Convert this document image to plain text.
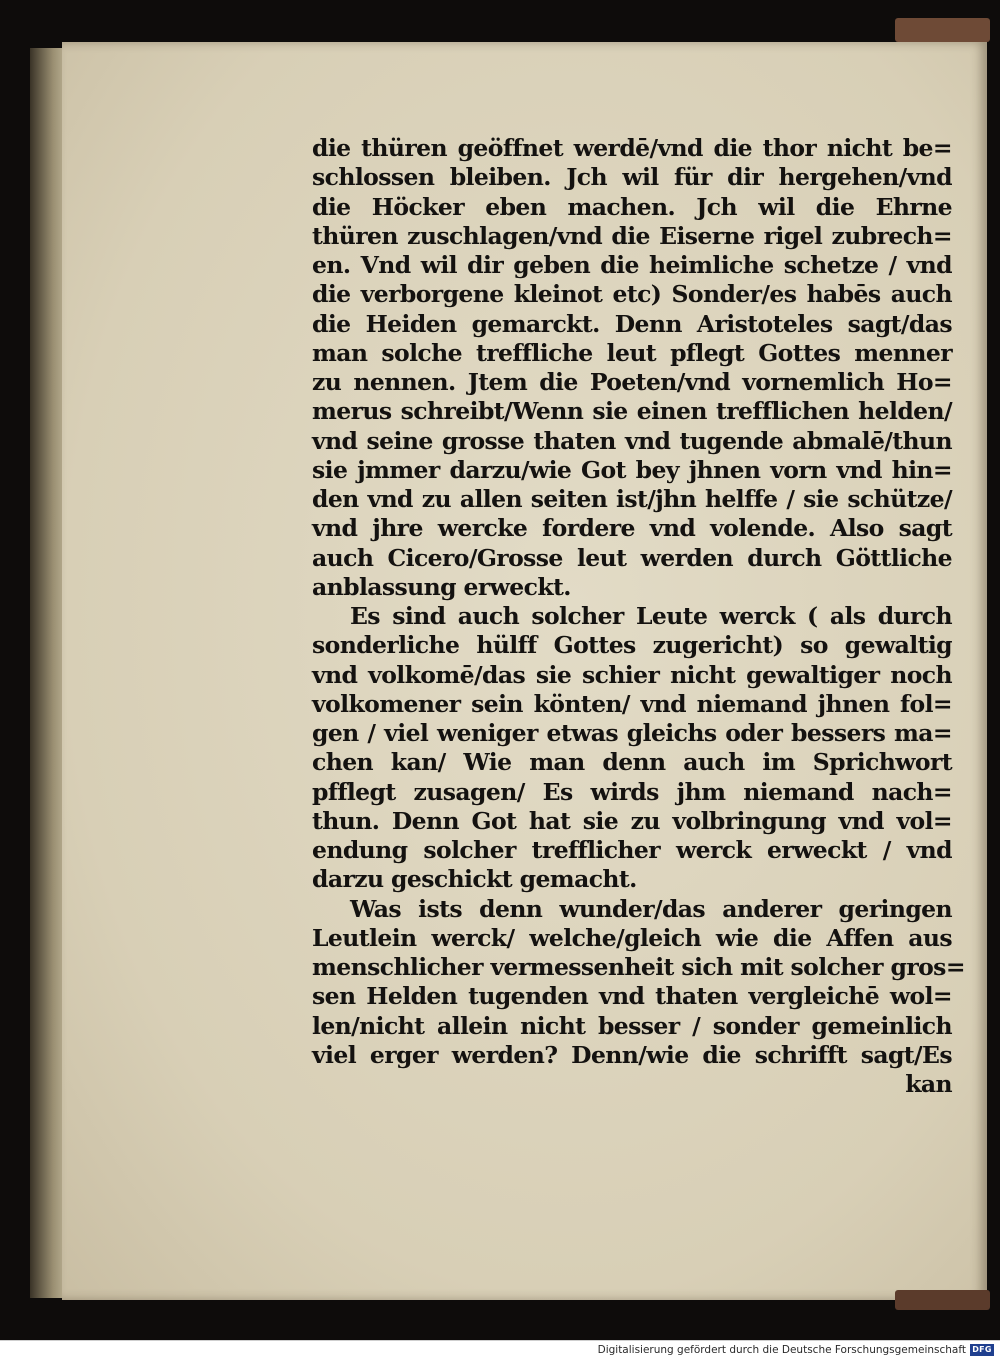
die thüren geöffnet werdē/vnd die thor nicht be=
schlossen bleiben. Jch wil für dir hergehen/vnd
die Höcker eben machen. Jch wil die Ehrne
thüren zuschlagen/vnd die Eiserne rigel zubrech=
en. Vnd wil dir geben die heimliche schetze / vnd
die verborgene kleinot etc) Sonder/es habēs auch
die Heiden gemarckt. Denn Aristoteles sagt/das
man solche treffliche leut pflegt Gottes menner
zu nennen. Jtem die Poeten/vnd vornemlich Ho=
merus schreibt/Wenn sie einen trefflichen helden/
vnd seine grosse thaten vnd tugende abmalē/thun
sie jmmer darzu/wie Got bey jhnen vorn vnd hin=
den vnd zu allen seiten ist/jhn helffe / sie schütze/
vnd jhre wercke fordere vnd volende. Also sagt
auch Cicero/Grosse leut werden durch Göttliche
anblassung erweckt.
Es sind auch solcher Leute werck ( als durch
sonderliche hülff Gottes zugericht) so gewaltig
vnd volkomē/das sie schier nicht gewaltiger noch
volkomener sein könten/ vnd niemand jhnen fol=
gen / viel weniger etwas gleichs oder bessers ma=
chen kan/ Wie man denn auch im Sprichwort
pfflegt zusagen/ Es wirds jhm niemand nach=
thun. Denn Got hat sie zu volbringung vnd vol=
endung solcher trefflicher werck erweckt / vnd
darzu geschickt gemacht.
Was ists denn wunder/das anderer geringen
Leutlein werck/ welche/gleich wie die Affen aus
menschlicher vermessenheit sich mit solcher gros=
sen Helden tugenden vnd thaten vergleichē wol=
len/nicht allein nicht besser / sonder gemeinlich
viel erger werden? Denn/wie die schrifft sagt/Es
kan
Digitalisierung gefördert durch die Deutsche Forschungsgemeinschaft DFG
